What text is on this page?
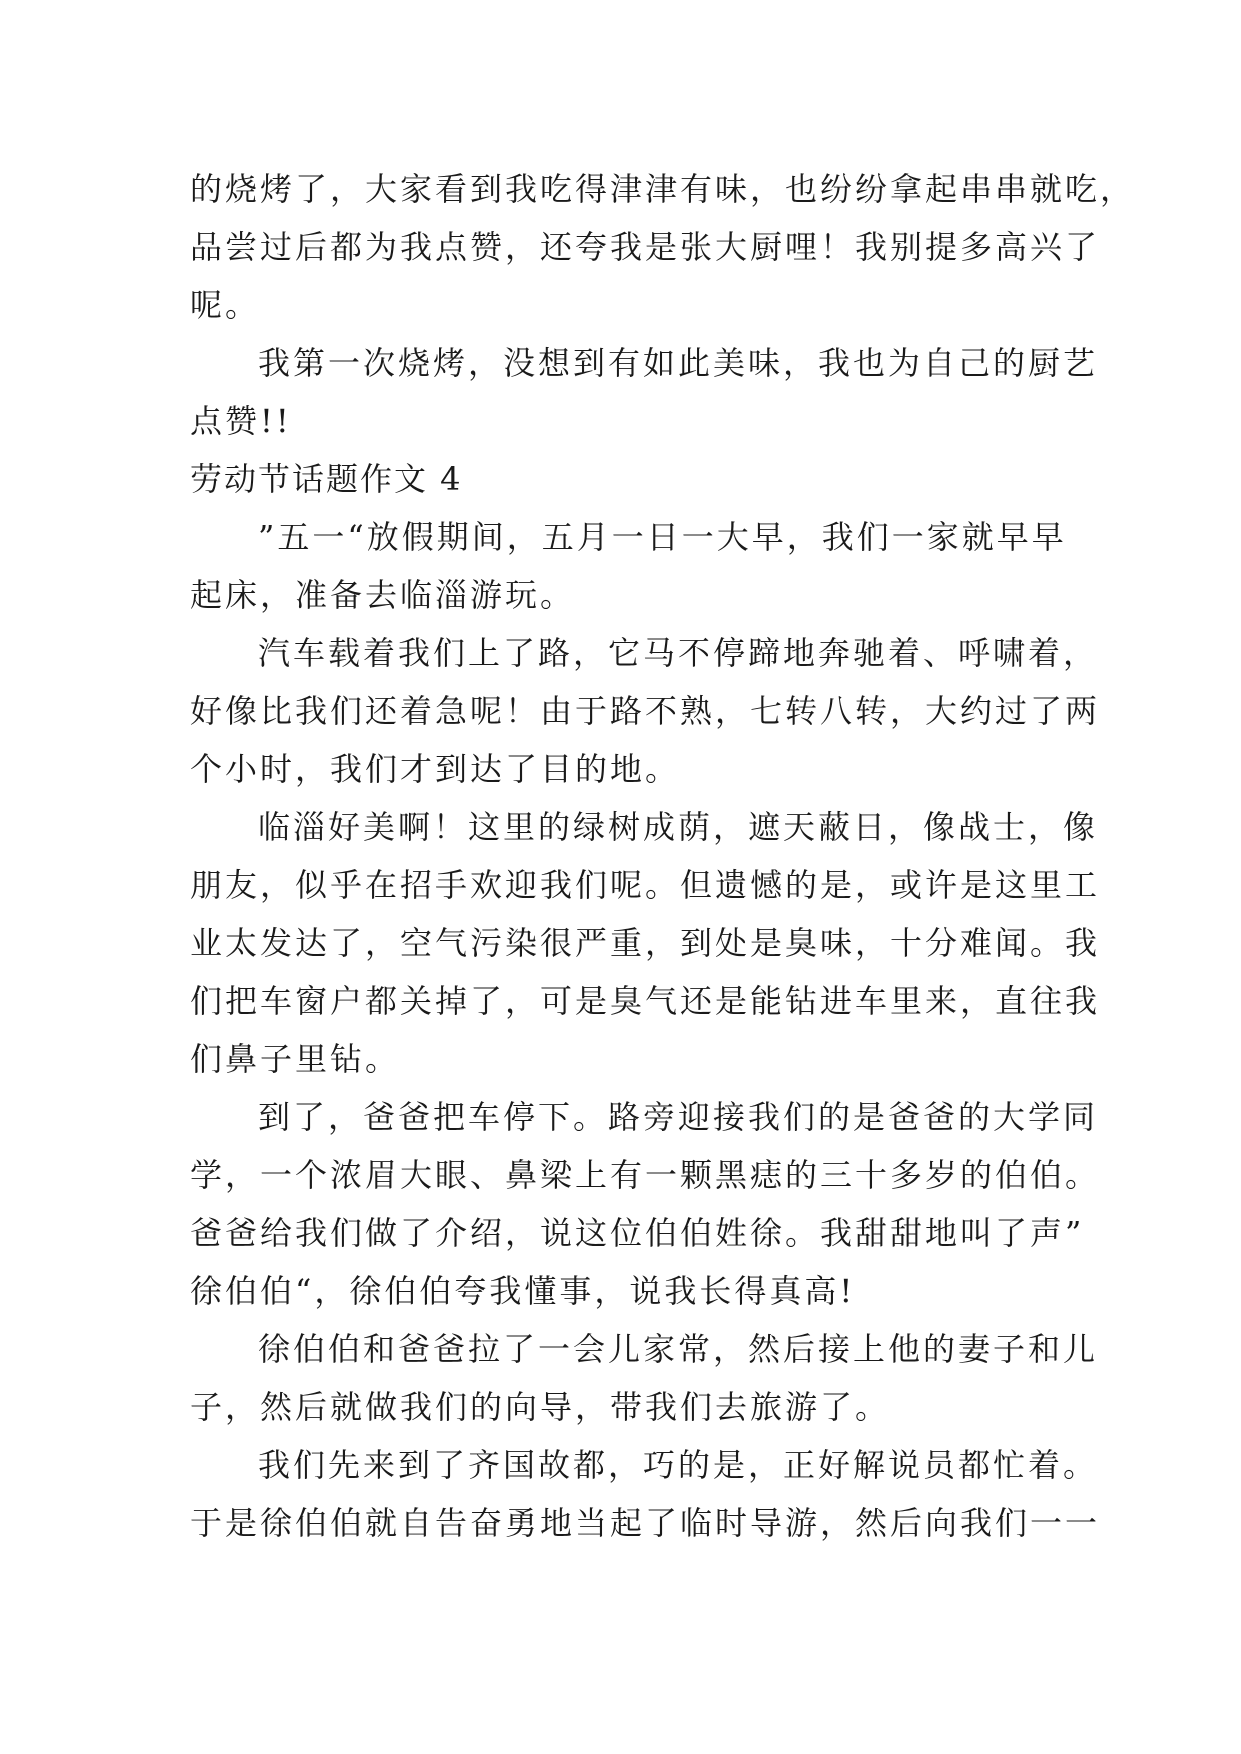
的烧烤了，大家看到我吃得津津有味，也纷纷拿起串串就吃，
品尝过后都为我点赞，还夸我是张大厨哩！我别提多高兴了
呢。
我第一次烧烤，没想到有如此美味，我也为自己的厨艺
点赞!!
劳动节话题作文 4
”五一“放假期间，五月一日一大早，我们一家就早早
起床，准备去临淄游玩。
汽车载着我们上了路，它马不停蹄地奔驰着、呼啸着，
好像比我们还着急呢！由于路不熟，七转八转，大约过了两
个小时，我们才到达了目的地。
临淄好美啊！这里的绿树成荫，遮天蔽日，像战士，像
朋友，似乎在招手欢迎我们呢。但遗憾的是，或许是这里工
业太发达了，空气污染很严重，到处是臭味，十分难闻。我
们把车窗户都关掉了，可是臭气还是能钻进车里来，直往我
们鼻子里钻。
到了，爸爸把车停下。路旁迎接我们的是爸爸的大学同
学，一个浓眉大眼、鼻梁上有一颗黑痣的三十多岁的伯伯。
爸爸给我们做了介绍，说这位伯伯姓徐。我甜甜地叫了声”
徐伯伯“，徐伯伯夸我懂事，说我长得真高!
徐伯伯和爸爸拉了一会儿家常，然后接上他的妻子和儿
子，然后就做我们的向导，带我们去旅游了。
我们先来到了齐国故都，巧的是，正好解说员都忙着。
于是徐伯伯就自告奋勇地当起了临时导游，然后向我们一一
